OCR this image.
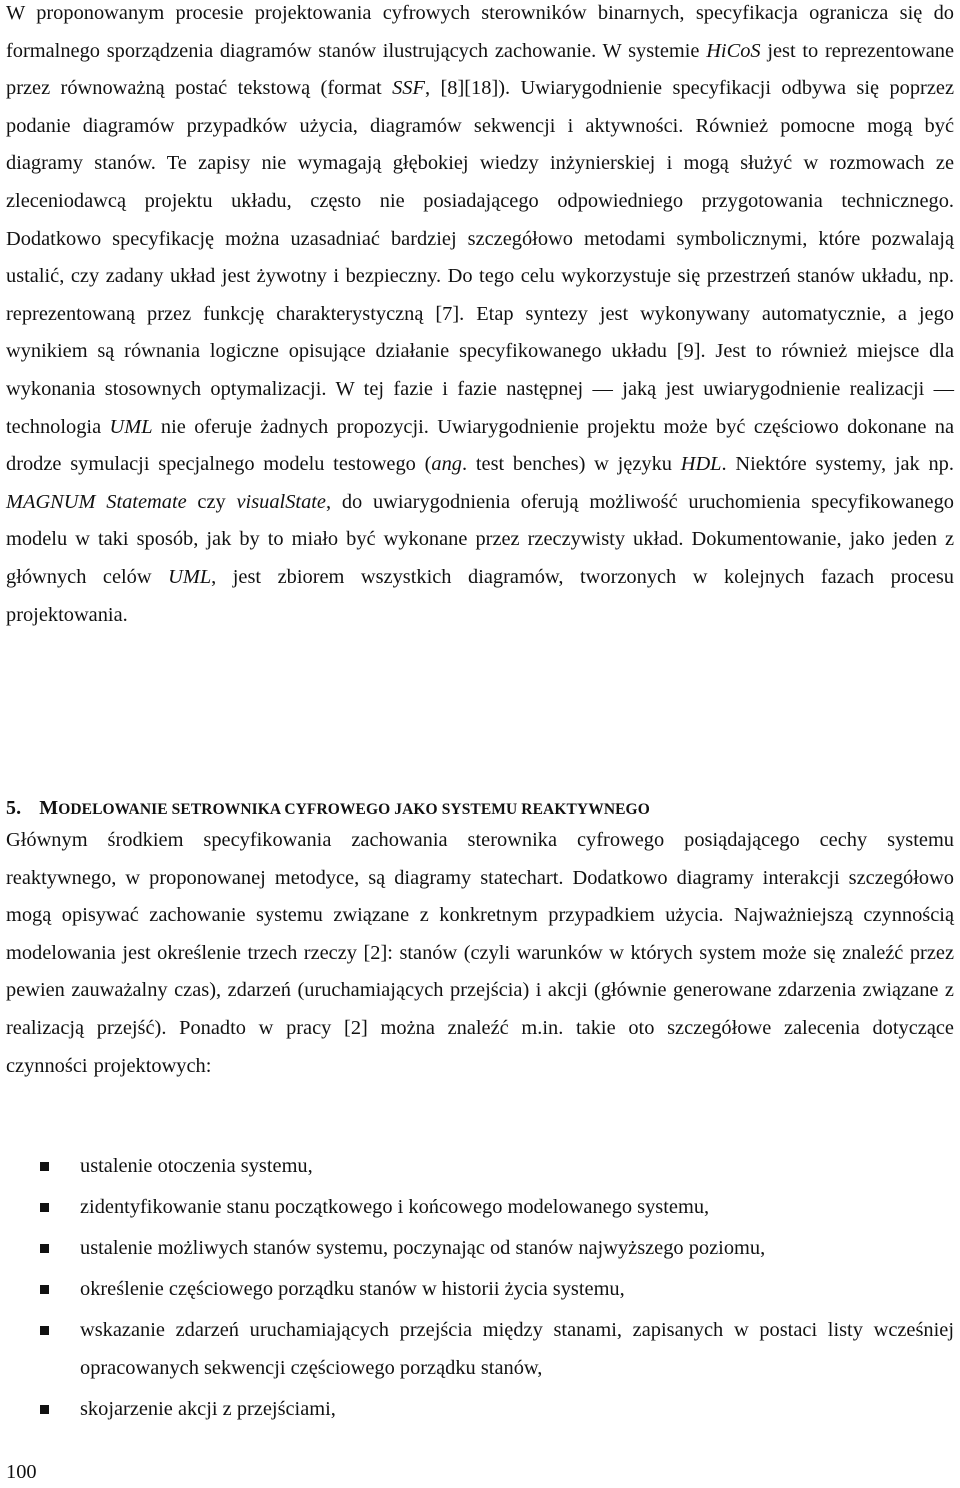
W proponowanym procesie projektowania cyfrowych sterowników binarnych, specyfikacja ogranicza się do formalnego sporządzenia diagramów stanów ilustrujących zachowanie. W systemie HiCoS jest to reprezentowane przez równoważną postać tekstową (format SSF, [8][18]). Uwiarygodnienie specyfikacji odbywa się poprzez podanie diagramów przypadków użycia, diagramów sekwencji i aktywności. Również pomocne mogą być diagramy stanów. Te zapisy nie wymagają głębokiej wiedzy inżynierskiej i mogą służyć w rozmowach ze zleceniodawcą projektu układu, często nie posiadającego odpowiedniego przygotowania technicznego. Dodatkowo specyfikację można uzasadniać bardziej szczegółowo metodami symbolicznymi, które pozwalają ustalić, czy zadany układ jest żywotny i bezpieczny. Do tego celu wykorzystuje się przestrzeń stanów układu, np. reprezentowaną przez funkcję charakterystyczną [7]. Etap syntezy jest wykonywany automatycznie, a jego wynikiem są równania logiczne opisujące działanie specyfikowanego układu [9]. Jest to również miejsce dla wykonania stosownych optymalizacji. W tej fazie i fazie następnej — jaką jest uwiarygodnienie realizacji — technologia UML nie oferuje żadnych propozycji. Uwiarygodnienie projektu może być częściowo dokonane na drodze symulacji specjalnego modelu testowego (ang. test benches) w języku HDL. Niektóre systemy, jak np. MAGNUM Statemate czy visualState, do uwiarygodnienia oferują możliwość uruchomienia specyfikowanego modelu w taki sposób, jak by to miało być wykonane przez rzeczywisty układ. Dokumentowanie, jako jeden z głównych celów UML, jest zbiorem wszystkich diagramów, tworzonych w kolejnych fazach procesu projektowania.

5. MODELOWANIE SETROWNIKA CYFROWEGO JAKO SYSTEMU REAKTYWNEGO

Głównym środkiem specyfikowania zachowania sterownika cyfrowego posiądającego cechy systemu reaktywnego, w proponowanej metodyce, są diagramy statechart. Dodatkowo diagramy interakcji szczegółowo mogą opisywać zachowanie systemu związane z konkretnym przypadkiem użycia. Najważniejszą czynnością modelowania jest określenie trzech rzeczy [2]: stanów (czyli warunków w których system może się znaleźć przez pewien zauważalny czas), zdarzeń (uruchamiających przejścia) i akcji (głównie generowane zdarzenia związane z realizacją przejść). Ponadto w pracy [2] można znaleźć m.in. takie oto szczegółowe zalecenia dotyczące czynności projektowych:

ustalenie otoczenia systemu,
zidentyfikowanie stanu początkowego i końcowego modelowanego systemu,
ustalenie możliwych stanów systemu, poczynając od stanów najwyższego poziomu,
określenie częściowego porządku stanów w historii życia systemu,
wskazanie zdarzeń uruchamiających przejścia między stanami, zapisanych w postaci listy wcześniej opracowanych sekwencji częściowego porządku stanów,
skojarzenie akcji z przejściami,
100
